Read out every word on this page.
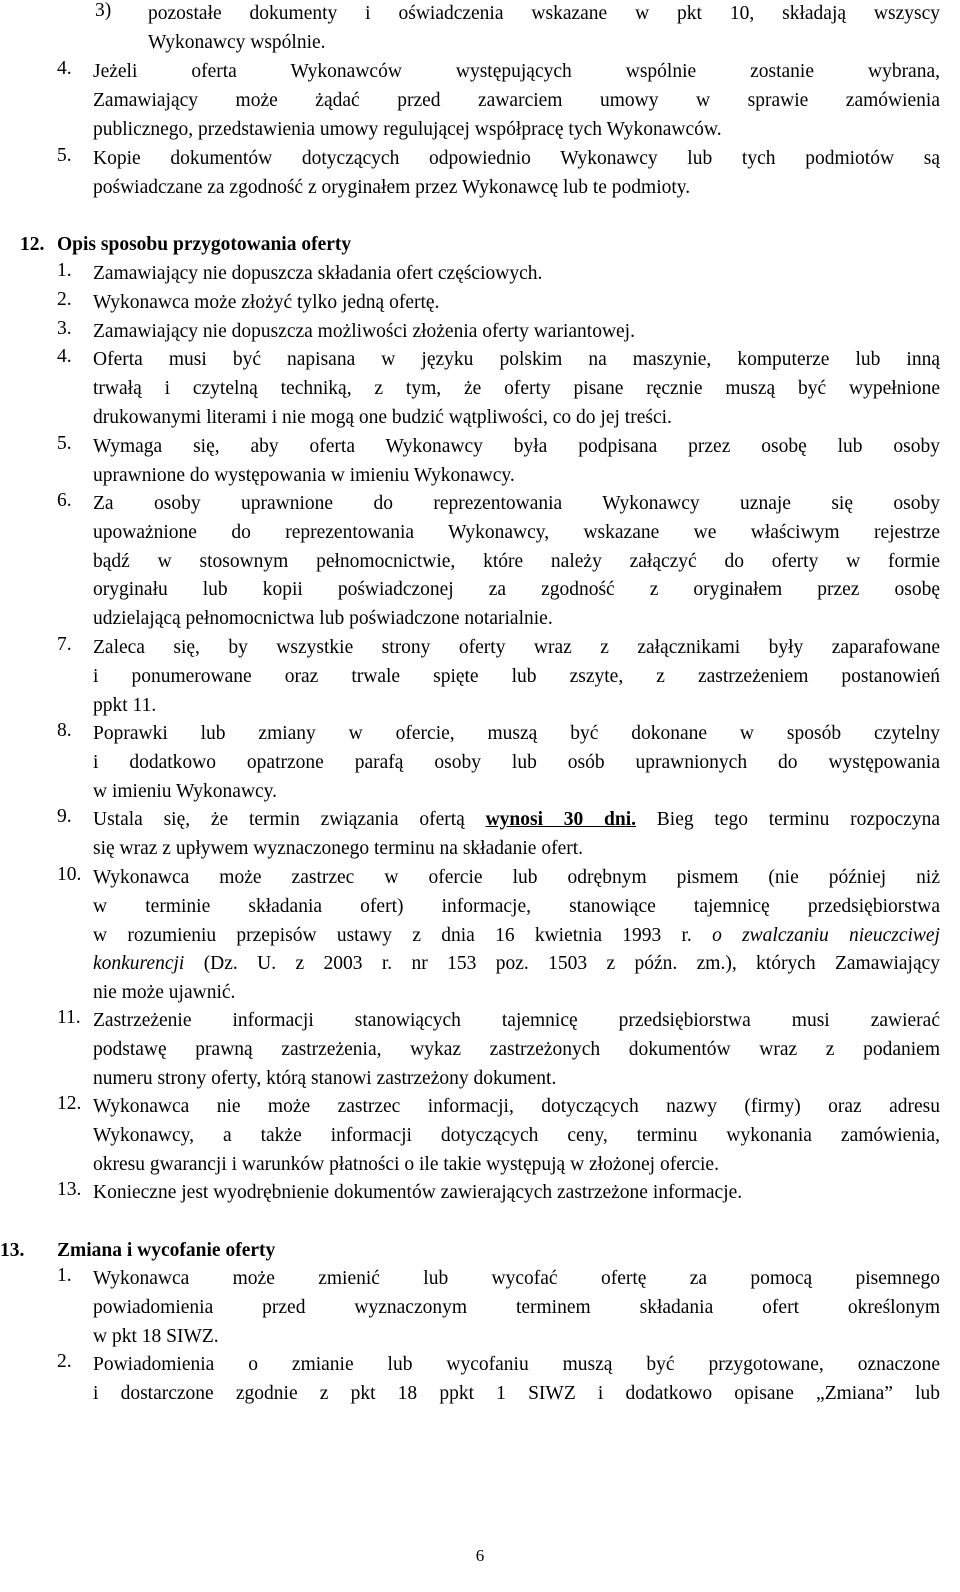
3) pozostałe dokumenty i oświadczenia wskazane w pkt 10, składają wszyscy
Wykonawcy wspólnie.
4. Jeżeli oferta Wykonawców występujących wspólnie zostanie wybrana,
Zamawiający może żądać przed zawarciem umowy w sprawie zamówienia
publicznego, przedstawienia umowy regulującej współpracę tych Wykonawców.
5. Kopie dokumentów dotyczących odpowiednio Wykonawcy lub tych podmiotów są
poświadczane za zgodność z oryginałem przez Wykonawcę lub te podmioty.
12. Opis sposobu przygotowania oferty
1. Zamawiający nie dopuszcza składania ofert częściowych.
2. Wykonawca może złożyć tylko jedną ofertę.
3. Zamawiający nie dopuszcza możliwości złożenia oferty wariantowej.
4. Oferta musi być napisana w języku polskim na maszynie, komputerze lub inną
trwałą i czytelną techniką, z tym, że oferty pisane ręcznie muszą być wypełnione
drukowanymi literami i nie mogą one budzić wątpliwości, co do jej treści.
5. Wymaga się, aby oferta Wykonawcy była podpisana przez osobę lub osoby
uprawnione do występowania w imieniu Wykonawcy.
6. Za osoby uprawnione do reprezentowania Wykonawcy uznaje się osoby
upoważnione do reprezentowania Wykonawcy, wskazane we właściwym rejestrze
bądź w stosownym pełnomocnictwie, które należy załączyć do oferty w formie
oryginału lub kopii poświadczonej za zgodność z oryginałem przez osobę
udzielającą pełnomocnictwa lub poświadczone notarialnie.
7. Zaleca się, by wszystkie strony oferty wraz z załącznikami były zaparafowane
i ponumerowane oraz trwale spięte lub zszyte, z zastrzeżeniem postanowień
ppkt 11.
8. Poprawki lub zmiany w ofercie, muszą być dokonane w sposób czytelny
i dodatkowo opatrzone parafą osoby lub osób uprawnionych do występowania
w imieniu Wykonawcy.
9. Ustala się, że termin związania ofertą wynosi 30 dni. Bieg tego terminu rozpoczyna
się wraz z upływem wyznaczonego terminu na składanie ofert.
10. Wykonawca może zastrzec w ofercie lub odrębnym pismem (nie później niż
w terminie składania ofert) informacje, stanowiące tajemnicę przedsiębiorstwa
w rozumieniu przepisów ustawy z dnia 16 kwietnia 1993 r. o zwalczaniu nieuczciwej
konkurencji (Dz. U. z 2003 r. nr 153 poz. 1503 z późn. zm.), których Zamawiający
nie może ujawnić.
11. Zastrzeżenie informacji stanowiących tajemnicę przedsiębiorstwa musi zawierać
podstawę prawną zastrzeżenia, wykaz zastrzeżonych dokumentów wraz z podaniem
numeru strony oferty, którą stanowi zastrzeżony dokument.
12. Wykonawca nie może zastrzec informacji, dotyczących nazwy (firmy) oraz adresu
Wykonawcy, a także informacji dotyczących ceny, terminu wykonania zamówienia,
okresu gwarancji i warunków płatności o ile takie występują w złożonej ofercie.
13. Konieczne jest wyodrębnienie dokumentów zawierających zastrzeżone informacje.
13. Zmiana i wycofanie oferty
1. Wykonawca może zmienić lub wycofać ofertę za pomocą pisemnego
powiadomienia przed wyznaczonym terminem składania ofert określonym
w pkt 18 SIWZ.
2. Powiadomienia o zmianie lub wycofaniu muszą być przygotowane, oznaczone
i dostarczone zgodnie z pkt 18 ppkt 1 SIWZ i dodatkowo opisane „Zmiana” lub
6
